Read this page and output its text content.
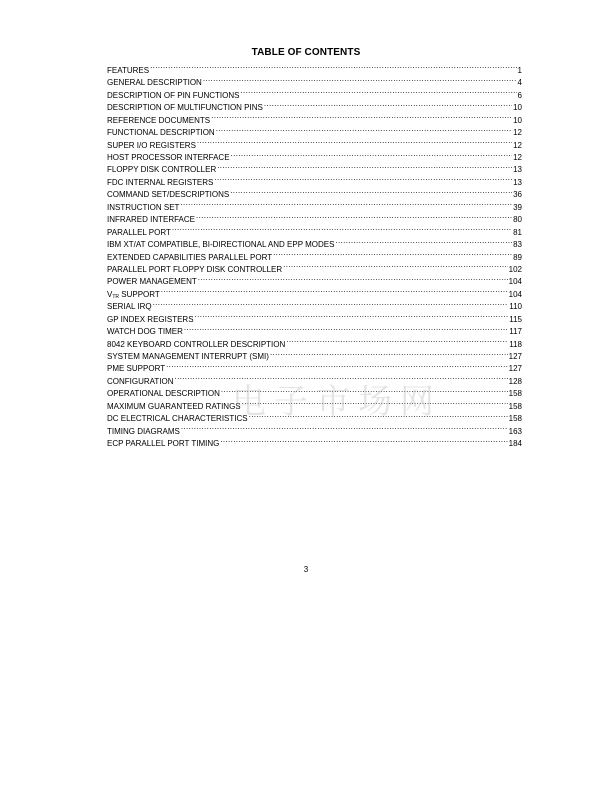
TABLE OF CONTENTS
FEATURES .....	1
GENERAL DESCRIPTION .....	4
DESCRIPTION OF PIN FUNCTIONS .....	6
DESCRIPTION OF MULTIFUNCTION PINS .....	10
REFERENCE DOCUMENTS .....	10
FUNCTIONAL DESCRIPTION .....	12
SUPER I/O REGISTERS .....	12
HOST PROCESSOR INTERFACE .....	12
FLOPPY DISK CONTROLLER .....	13
FDC INTERNAL REGISTERS .....	13
COMMAND SET/DESCRIPTIONS .....	36
INSTRUCTION SET .....	39
INFRARED INTERFACE .....	80
PARALLEL PORT .....	81
IBM XT/AT COMPATIBLE, BI-DIRECTIONAL AND EPP MODES .....	83
EXTENDED CAPABILITIES PARALLEL PORT .....	89
PARALLEL PORT FLOPPY DISK CONTROLLER .....	102
POWER MANAGEMENT .....	104
$V_{TR}$ SUPPORT .....	104
SERIAL IRQ .....	110
GP INDEX REGISTERS .....	115
WATCH DOG TIMER .....	117
8042 KEYBOARD CONTROLLER DESCRIPTION .....	118
SYSTEM MANAGEMENT INTERRUPT (SMI) .....	127
PME SUPPORT .....	127
CONFIGURATION .....	128
OPERATIONAL DESCRIPTION .....	158
MAXIMUM GUARANTEED RATINGS .....	158
DC ELECTRICAL CHARACTERISTICS .....	158
TIMING DIAGRAMS .....	163
ECP PARALLEL PORT TIMING .....	184
电子市场网
3
